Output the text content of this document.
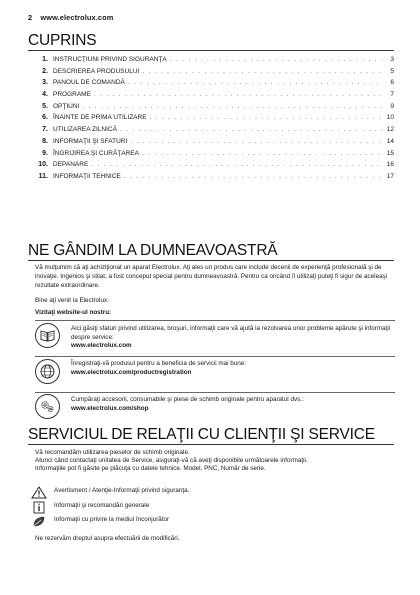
2 www.electrolux.com
CUPRINS
1. INSTRUCŢIUNI PRIVIND SIGURANŢA . . .	3
2. DESCRIEREA PRODUSULUI . . .	5
3. PANOUL DE COMANDĂ . . .	6
4. PROGRAME . . .	7
5. OPŢIUNI . . .	9
6. ÎNAINTE DE PRIMA UTILIZARE . . .	10
7. UTILIZAREA ZILNICĂ . . .	12
8. INFORMAŢII ŞI SFATURI . . .	14
9. ÎNGRIJIREA ŞI CURĂŢAREA . . .	15
10. DEPANARE . . .	16
11. INFORMAŢII TEHNICE . . .	17
NE GÂNDIM LA DUMNEAVOASTRĂ

Vă mulţumim că aţi achiziţionat un aparat Electrolux. Aţi ales un produs care include decenii de experienţă profesională şi de inovaţie. Ingenios şi stilat, a fost conceput special pentru dumneavoastră. Pentru ca oricând îl utilizaţi puteţi fi sigur de aceleaşi rezultate extraordinare.

Bine aţi venit la Electrolux.

Vizitaţi website-ul nostru:

Aici găsiţi sfaturi privind utilizarea, broşuri, informaţii care vă ajută la rezolvarea unor probleme apărute şi informaţii despre service:
www.electrolux.com
Înregistraţi-vă produsul pentru a beneficia de servicii mai bune:
www.electrolux.com/productregistration
Cumpăraţi accesorii, consumabile şi piese de schimb originale pentru aparatul dvs.:
www.electrolux.com/shop
SERVICIUL DE RELAŢII CU CLIENŢII ŞI SERVICE

Vă recomandăm utilizarea pieselor de schimb originale.

Atunci când contactaţi unitatea de Service, asiguraţi-vă că aveţi disponibile următoarele informaţii.

Informaţiile pot fi găsite pe plăcuţa cu datele tehnice. Model, PNC, Număr de serie.

Avertisment / Atenţie-Informaţii privind siguranţa.
Informaţii şi recomandări generale
Informaţii cu privire la mediul înconjurător

Ne rezervăm dreptul asupra efectuării de modificări.
